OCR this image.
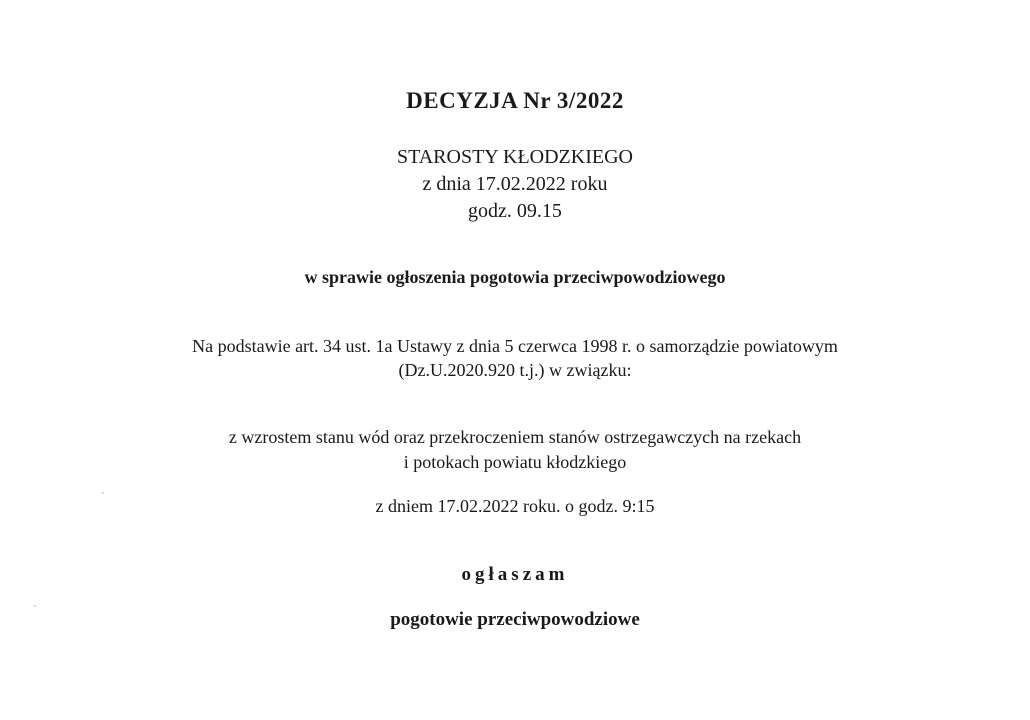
DECYZJA Nr 3/2022
STAROSTY KŁODZKIEGO
z dnia 17.02.2022 roku
godz. 09.15
w sprawie ogłoszenia pogotowia przeciwpowodziowego
Na podstawie art. 34 ust. 1a Ustawy z dnia 5 czerwca 1998 r. o samorządzie powiatowym
(Dz.U.2020.920 t.j.) w związku:
z wzrostem stanu wód oraz przekroczeniem stanów ostrzegawczych na rzekach
i potokach powiatu kłodzkiego
z dniem 17.02.2022 roku. o godz. 9:15
ogłaszam
pogotowie przeciwpowodziowe
